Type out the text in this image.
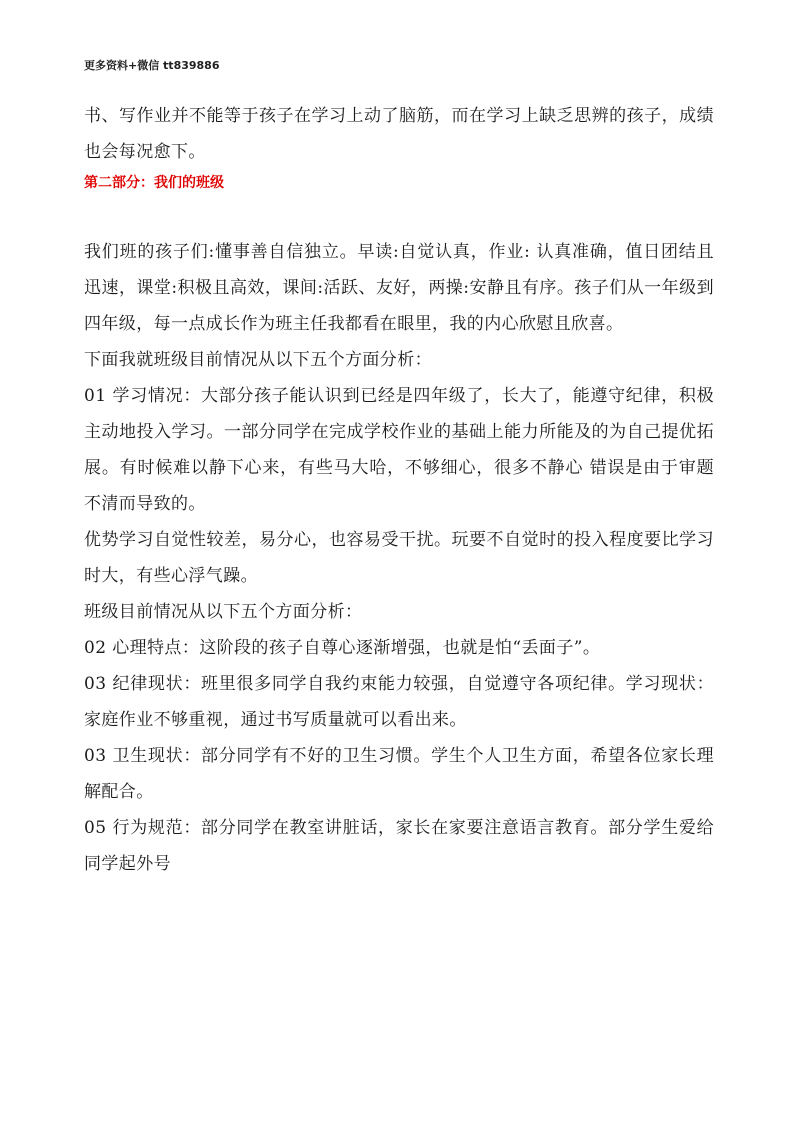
更多资料+微信 tt839886

书、写作业并不能等于孩子在学习上动了脑筋，而在学习上缺乏思辨的孩子，成绩也会每况愈下。

第二部分：我们的班级

我们班的孩子们:懂事善自信独立。早读:自觉认真，作业: 认真准确，值日团结且迅速，课堂:积极且高效，课间:活跃、友好，两操:安静且有序。孩子们从一年级到四年级，每一点成长作为班主任我都看在眼里，我的内心欣慰且欣喜。

下面我就班级目前情况从以下五个方面分析：

01 学习情况：大部分孩子能认识到已经是四年级了，长大了，能遵守纪律，积极主动地投入学习。一部分同学在完成学校作业的基础上能力所能及的为自己提优拓展。有时候难以静下心来，有些马大哈，不够细心，很多不静心 错误是由于审题不清而导致的。

优势学习自觉性较差，易分心，也容易受干扰。玩要不自觉时的投入程度要比学习时大，有些心浮气躁。

班级目前情况从以下五个方面分析：

02 心理特点：这阶段的孩子自尊心逐渐增强，也就是怕“丢面子”。

03 纪律现状：班里很多同学自我约束能力较强，自觉遵守各项纪律。学习现状：家庭作业不够重视，通过书写质量就可以看出来。

03 卫生现状：部分同学有不好的卫生习惯。学生个人卫生方面，希望各位家长理解配合。

05 行为规范：部分同学在教室讲脏话，家长在家要注意语言教育。部分学生爱给同学起外号
